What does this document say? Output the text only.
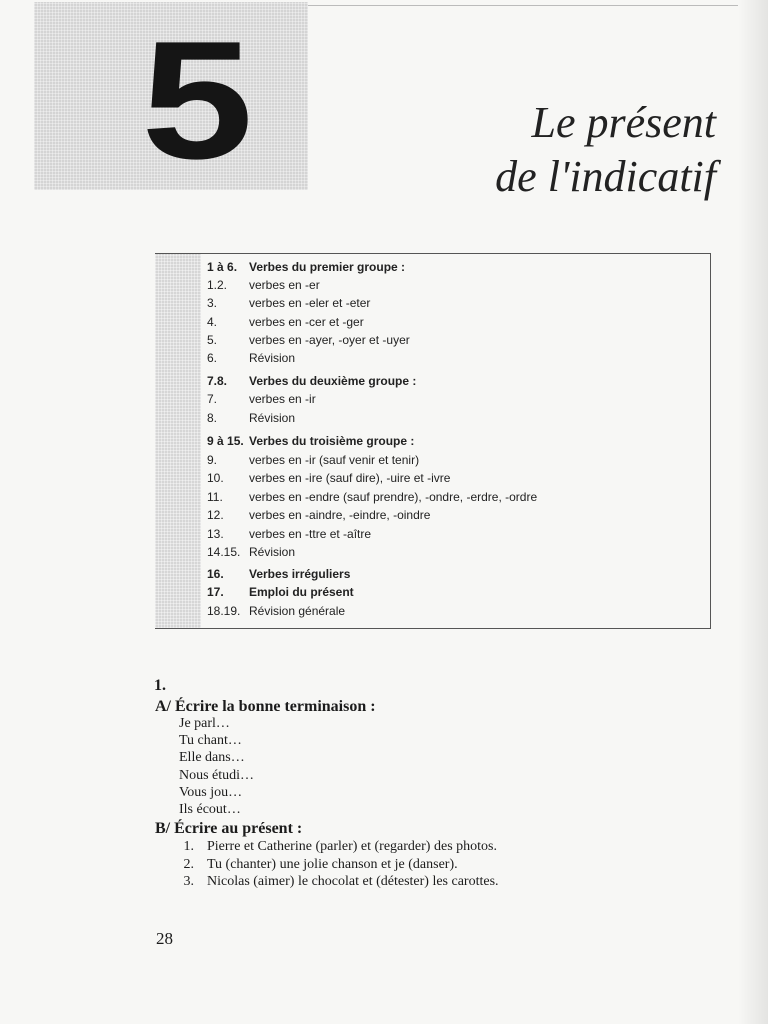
5	Le présent
de l'indicatif
1 à 6. Verbes du premier groupe :
1.2. verbes en -er
3.	verbes en -eler et -eter
4.	verbes en -cer et -ger
5.	verbes en -ayer, -oyer et -uyer
6.	Révision
7.8. Verbes du deuxième groupe :
7.	verbes en -ir
8.	Révision
9 à 15. Verbes du troisième groupe :
9.	verbes en -ir (sauf venir et tenir)
10. verbes en -ire (sauf dire), -uire et -ivre
11. verbes en -endre (sauf prendre), -ondre, -erdre, -ordre
12. verbes en -aindre, -eindre, -oindre
13. verbes en -ttre et -aître
14.15. Révision
16. Verbes irréguliers
17. Emploi du présent
18.19. Révision générale
1.
A/ Écrire la bonne terminaison :
Je parl…
Tu chant…
Elle dans…
Nous étudi…
Vous jou…
Ils écout…
B/ Écrire au présent :
1. Pierre et Catherine (parler) et (regarder) des photos.
2. Tu (chanter) une jolie chanson et je (danser).
3. Nicolas (aimer) le chocolat et (détester) les carottes.
28
